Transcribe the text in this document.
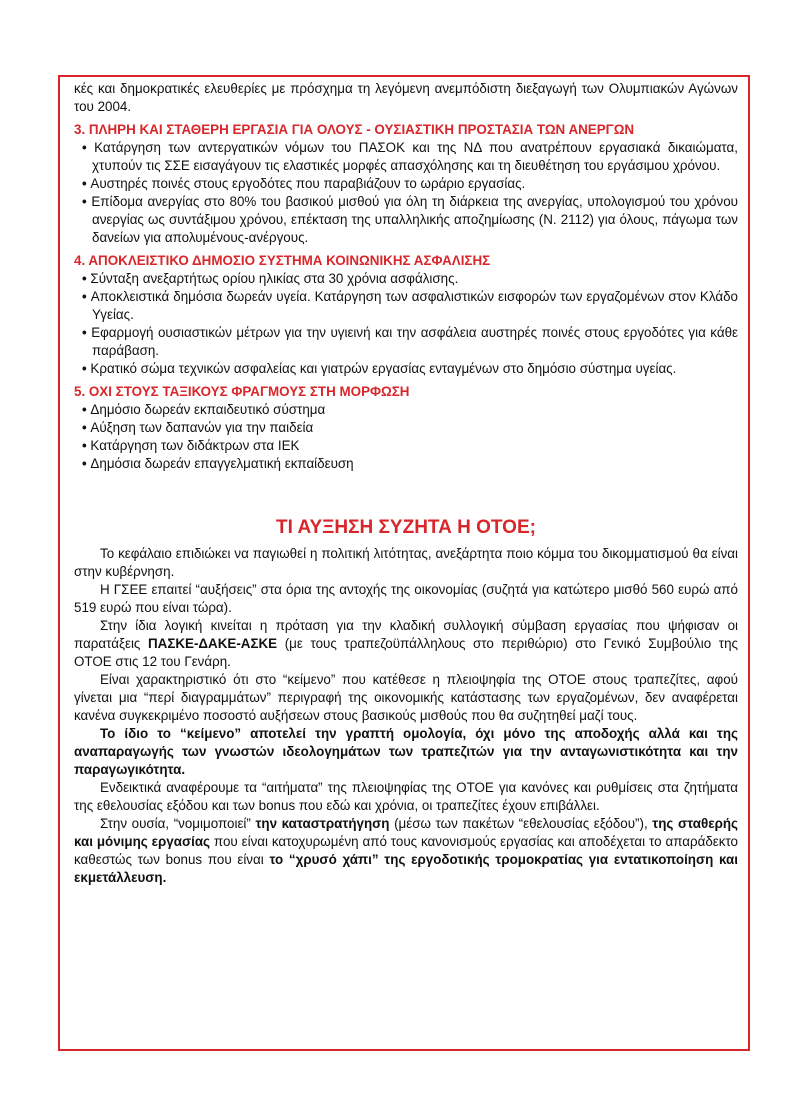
κές και δημοκρατικές ελευθερίες με πρόσχημα τη λεγόμενη ανεμπόδιστη διεξαγωγή των Ολυμπιακών Αγώνων του 2004.

3. ΠΛΗΡΗ ΚΑΙ ΣΤΑΘΕΡΗ ΕΡΓΑΣΙΑ ΓΙΑ ΟΛΟΥΣ - ΟΥΣΙΑΣΤΙΚΗ ΠΡΟΣΤΑΣΙΑ ΤΩΝ ΑΝΕΡΓΩΝ
• Κατάργηση των αντεργατικών νόμων του ΠΑΣΟΚ και της ΝΔ που ανατρέπουν εργασιακά δικαιώματα, χτυπούν τις ΣΣΕ εισαγάγουν τις ελαστικές μορφές απασχόλησης και τη διευθέτηση του εργάσιμου χρόνου.
• Αυστηρές ποινές στους εργοδότες που παραβιάζουν το ωράριο εργασίας.
• Επίδομα ανεργίας στο 80% του βασικού μισθού για όλη τη διάρκεια της ανεργίας, υπολογισμού του χρόνου ανεργίας ως συντάξιμου χρόνου, επέκταση της υπαλληλικής αποζημίωσης (Ν. 2112) για όλους, πάγωμα των δανείων για απολυμένους-ανέργους.
4. ΑΠΟΚΛΕΙΣΤΙΚΟ ΔΗΜΟΣΙΟ ΣΥΣΤΗΜΑ ΚΟΙΝΩΝΙΚΗΣ ΑΣΦΑΛΙΣΗΣ
• Σύνταξη ανεξαρτήτως ορίου ηλικίας στα 30 χρόνια ασφάλισης.
• Αποκλειστικά δημόσια δωρεάν υγεία. Κατάργηση των ασφαλιστικών εισφορών των εργαζομένων στον Κλάδο Υγείας.
• Εφαρμογή ουσιαστικών μέτρων για την υγιεινή και την ασφάλεια αυστηρές ποινές στους εργοδότες για κάθε παράβαση.
• Κρατικό σώμα τεχνικών ασφαλείας και γιατρών εργασίας ενταγμένων στο δημόσιο σύστημα υγείας.
5. ΟΧΙ ΣΤΟΥΣ ΤΑΞΙΚΟΥΣ ΦΡΑΓΜΟΥΣ ΣΤΗ ΜΟΡΦΩΣΗ
• Δημόσιο δωρεάν εκπαιδευτικό σύστημα
• Αύξηση των δαπανών για την παιδεία
• Κατάργηση των διδάκτρων στα ΙΕΚ
• Δημόσια δωρεάν επαγγελματική εκπαίδευση
ΤΙ ΑΥΞΗΣΗ ΣΥΖΗΤΑ Η ΟΤΟΕ;

Το κεφάλαιο επιδιώκει να παγιωθεί η πολιτική λιτότητας, ανεξάρτητα ποιο κόμμα του δικομματισμού θα είναι στην κυβέρνηση.

Η ΓΣΕΕ επαιτεί “αυξήσεις” στα όρια της αντοχής της οικονομίας (συζητά για κατώτερο μισθό 560 ευρώ από 519 ευρώ που είναι τώρα).

Στην ίδια λογική κινείται η πρόταση για την κλαδική συλλογική σύμβαση εργασίας που ψήφισαν οι παρατάξεις ΠΑΣΚΕ-ΔΑΚΕ-ΑΣΚΕ (με τους τραπεζοϋπάλληλους στο περιθώριο) στο Γενικό Συμβούλιο της ΟΤΟΕ στις 12 του Γενάρη.

Είναι χαρακτηριστικό ότι στο “κείμενο” που κατέθεσε η πλειοψηφία της ΟΤΟΕ στους τραπεζίτες, αφού γίνεται μια “περί διαγραμμάτων” περιγραφή της οικονομικής κατάστασης των εργαζομένων, δεν αναφέρεται κανένα συγκεκριμένο ποσοστό αυξήσεων στους βασικούς μισθούς που θα συζητηθεί μαζί τους.

Το ίδιο το “κείμενο” αποτελεί την γραπτή ομολογία, όχι μόνο της αποδοχής αλλά και της αναπαραγωγής των γνωστών ιδεολογημάτων των τραπεζιτών για την ανταγωνιστικότητα και την παραγωγικότητα.

Ενδεικτικά αναφέρουμε τα “αιτήματα” της πλειοψηφίας της ΟΤΟΕ για κανόνες και ρυθμίσεις στα ζητήματα της εθελουσίας εξόδου και των bonus που εδώ και χρόνια, οι τραπεζίτες έχουν επιβάλλει.

Στην ουσία, “νομιμοποιεί” την καταστρατήγηση (μέσω των πακέτων “εθελουσίας εξόδου”), της σταθερής και μόνιμης εργασίας που είναι κατοχυρωμένη από τους κανονισμούς εργασίας και αποδέχεται το απαράδεκτο καθεστώς των bonus που είναι το “χρυσό χάπι” της εργοδοτικής τρομοκρατίας για εντατικοποίηση και εκμετάλλευση.
